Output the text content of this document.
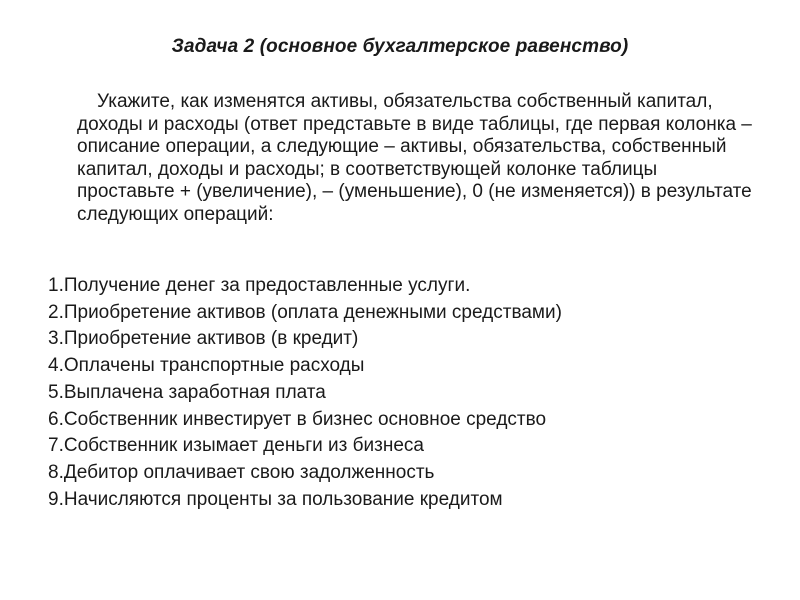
Задача 2 (основное бухгалтерское равенство)
Укажите, как изменятся активы, обязательства собственный капитал, доходы и расходы (ответ представьте в виде таблицы, где первая колонка – описание операции, а следующие – активы, обязательства, собственный капитал, доходы и расходы; в соответствующей колонке таблицы проставьте + (увеличение), – (уменьшение), 0 (не изменяется)) в результате следующих операций:
1.Получение денег за предоставленные услуги.
2.Приобретение активов (оплата денежными средствами)
3.Приобретение активов (в кредит)
4.Оплачены транспортные расходы
5.Выплачена заработная плата
6.Собственник инвестирует в бизнес основное средство
7.Собственник изымает деньги из бизнеса
8.Дебитор оплачивает свою задолженность
9.Начисляются проценты за пользование кредитом
